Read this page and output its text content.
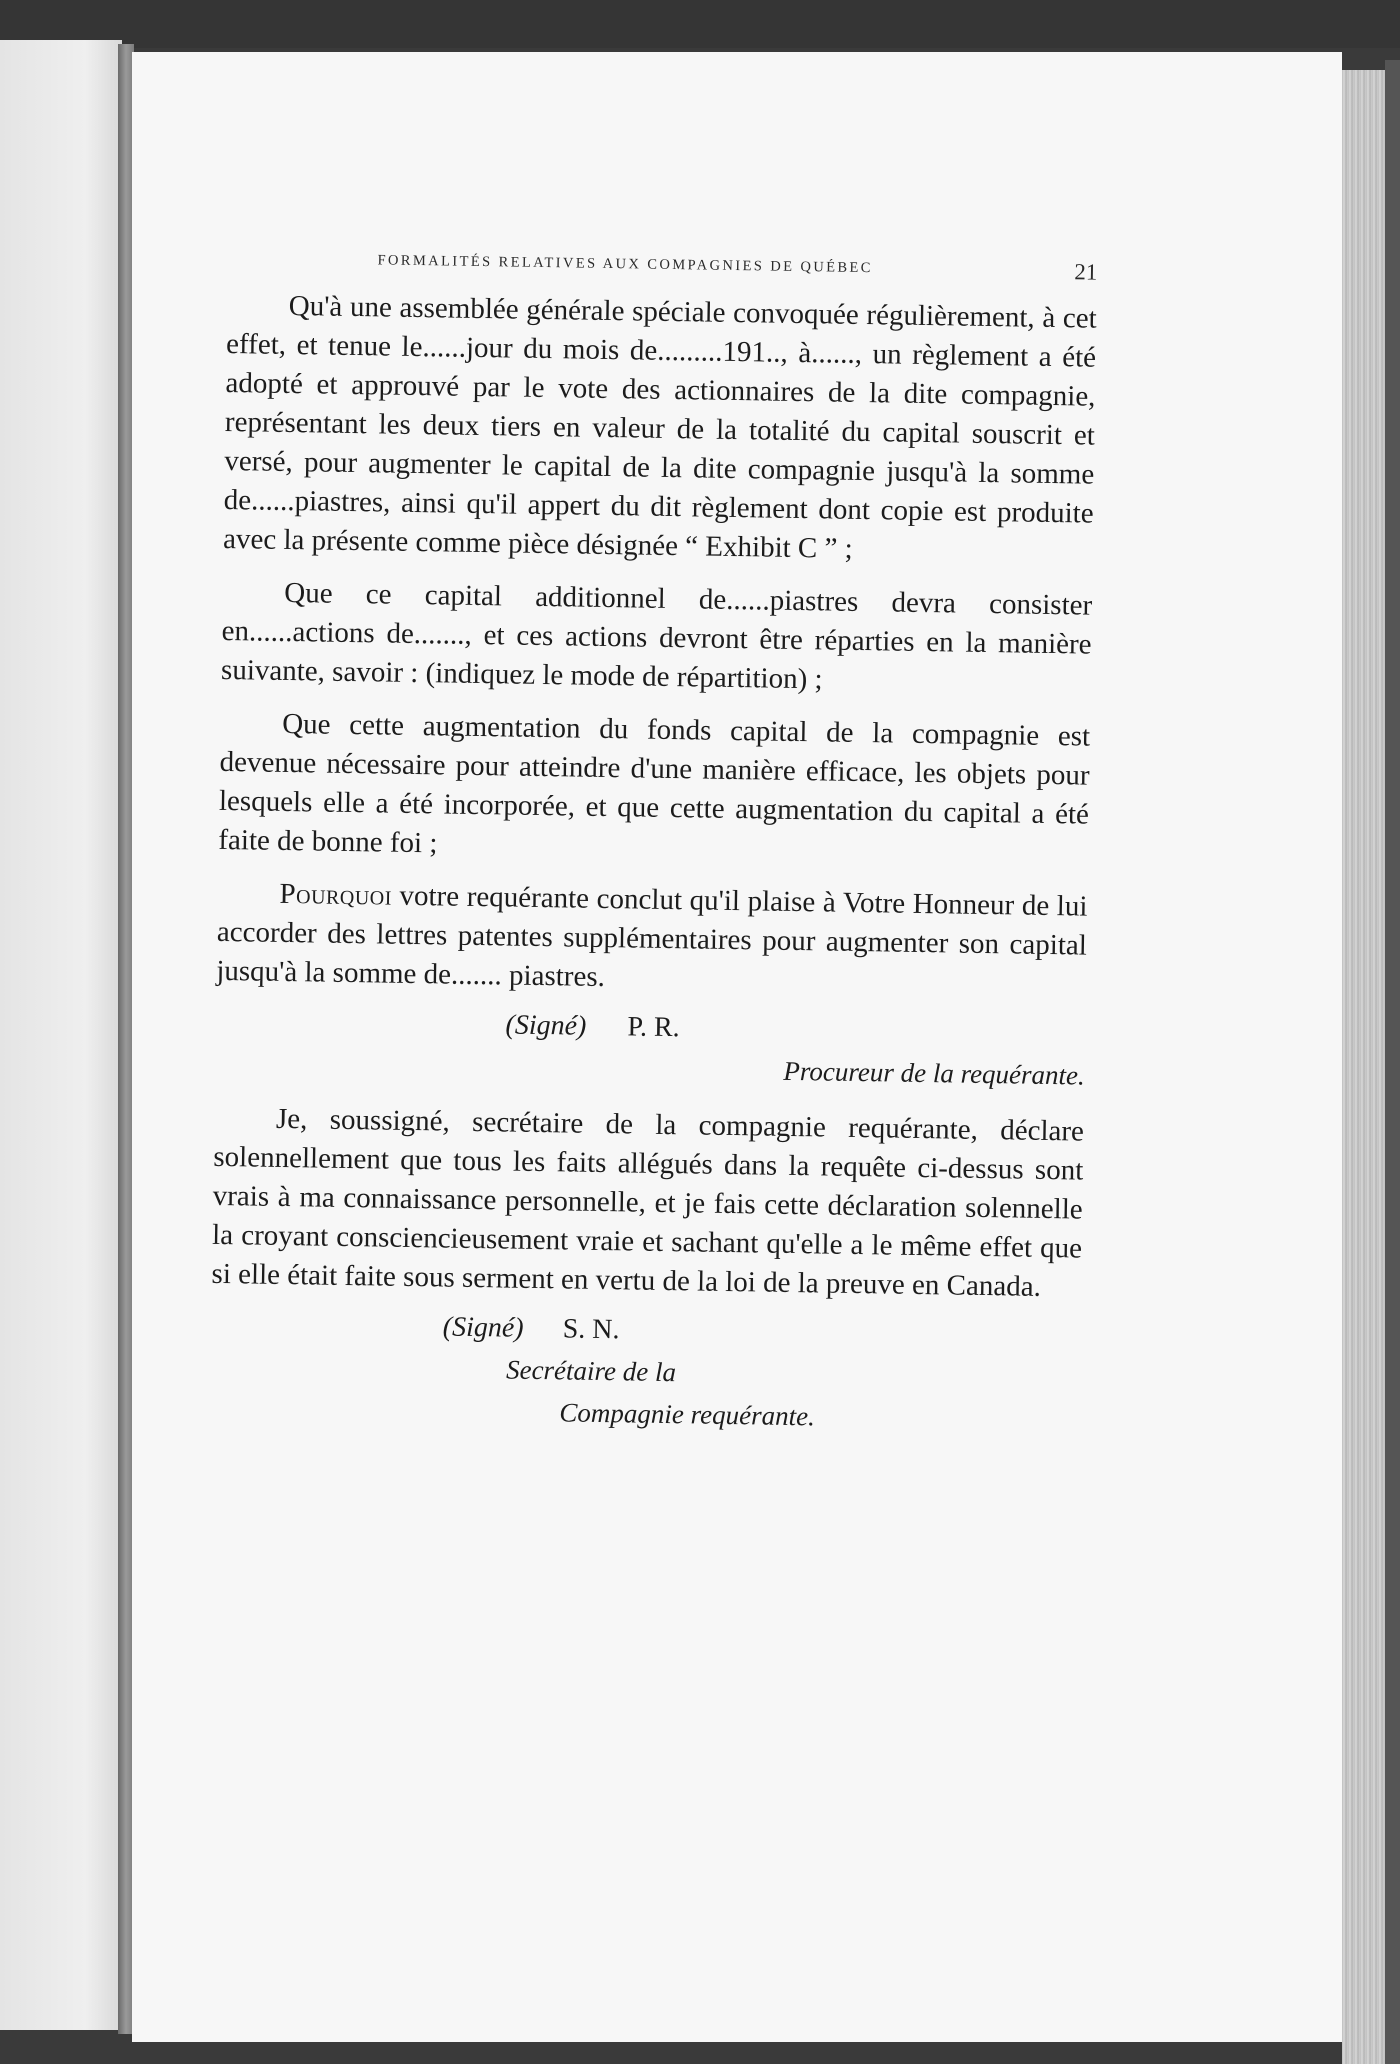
FORMALITÉS RELATIVES AUX COMPAGNIES DE QUÉBEC	21

Qu'à une assemblée générale spéciale convoquée régulièrement, à cet effet, et tenue le......jour du mois de.........191.., à......, un règlement a été adopté et approuvé par le vote des actionnaires de la dite compagnie, représentant les deux tiers en valeur de la totalité du capital souscrit et versé, pour augmenter le capital de la dite compagnie jusqu'à la somme de......piastres, ainsi qu'il appert du dit règlement dont copie est produite avec la présente comme pièce désignée “ Exhibit C ” ;

Que ce capital additionnel de......piastres devra consister en......actions de......., et ces actions devront être réparties en la manière suivante, savoir : (indiquez le mode de répartition) ;

Que cette augmentation du fonds capital de la compagnie est devenue nécessaire pour atteindre d'une manière efficace, les objets pour lesquels elle a été incorporée, et que cette augmentation du capital a été faite de bonne foi ;

Pourquoi votre requérante conclut qu'il plaise à Votre Honneur de lui accorder des lettres patentes supplémentaires pour augmenter son capital jusqu'à la somme de....... piastres.

(Signé) P. R.
Procureur de la requérante.

Je, soussigné, secrétaire de la compagnie requérante, déclare solennellement que tous les faits allégués dans la requête ci-dessus sont vrais à ma connaissance personnelle, et je fais cette déclaration solennelle la croyant consciencieusement vraie et sachant qu'elle a le même effet que si elle était faite sous serment en vertu de la loi de la preuve en Canada.

(Signé) S. N.
Secrétaire de la
Compagnie requérante.
